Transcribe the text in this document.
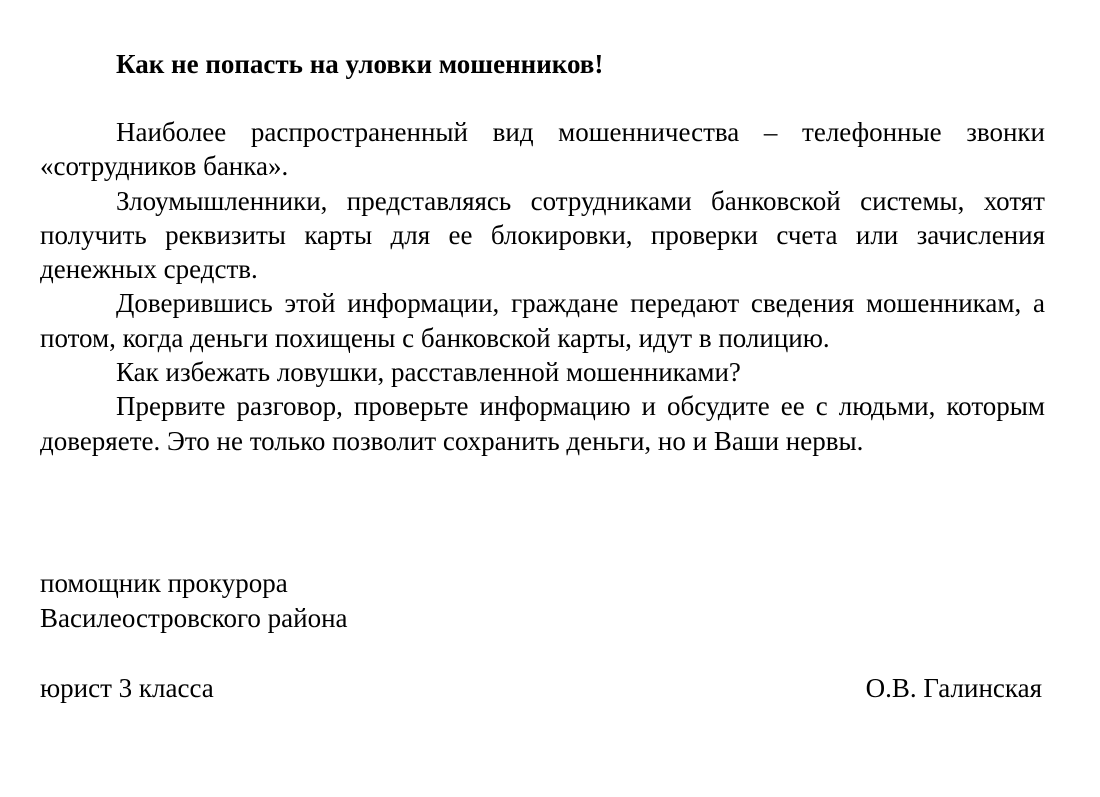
Как не попасть на уловки мошенников!

Наиболее распространенный вид мошенничества – телефонные звонки «сотрудников банка».

Злоумышленники, представляясь сотрудниками банковской системы, хотят получить реквизиты карты для ее блокировки, проверки счета или зачисления денежных средств.

Доверившись этой информации, граждане передают сведения мошенникам, а потом, когда деньги похищены с банковской карты, идут в полицию.

Как избежать ловушки, расставленной мошенниками?

Прервите разговор, проверьте информацию и обсудите ее с людьми, которым доверяете. Это не только позволит сохранить деньги, но и Ваши нервы.

помощник прокурора
Василеостровского района
юрист 3 класса	О.В. Галинская
